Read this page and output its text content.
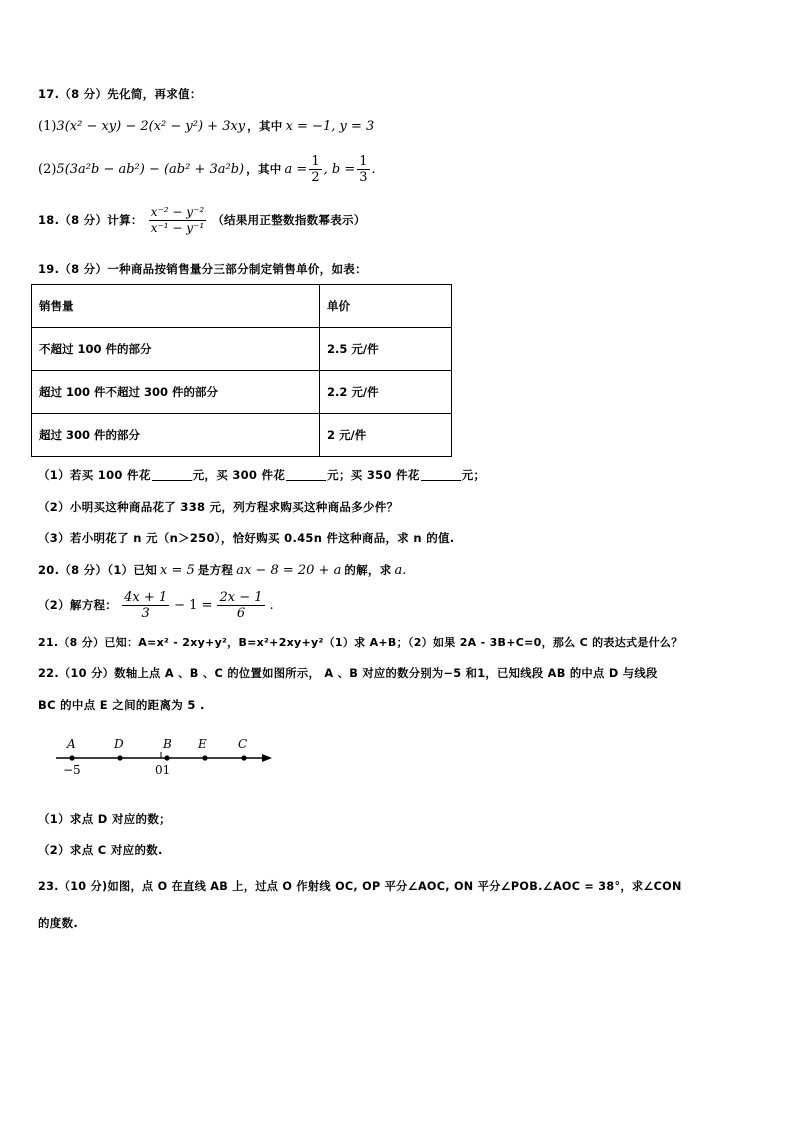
17.（8 分）先化简，再求值：
(1) 3(x² − xy) − 2(x² − y²) + 3xy ，其中 x = −1, y = 3
(2) 5(3a²b − ab²) − (ab² + 3a²b) ，其中 $a = \frac{1}{2}$ , $b = \frac{1}{3}$ .
18.（8 分）计算： $\frac{\text{x⁻² − y⁻²}}{\text{x⁻¹ − y⁻¹}}$ （结果用正整数指数幂表示）
19.（8 分）一种商品按销售量分三部分制定销售单价，如表：
销售量	单价
不超过 100 件的部分	2.5 元/件
超过 100 件不超过 300 件的部分	2.2 元/件
超过 300 件的部分	2 元/件
（1）若买 100 件花	元，买 300 件花	元；买 350 件花	元；
（2）小明买这种商品花了 338 元，列方程求购买这种商品多少件？
（3）若小明花了 n 元（n＞250），恰好购买 0.45n 件这种商品，求 n 的值.
20.（8 分）（1）已知 x = 5 是方程 ax − 8 = 20 + a 的解，求 a .
（2）解方程： $\frac{4x + 1}{3} - 1 = \frac{2x - 1}{6}$ .
21.（8 分）已知：A=x² - 2xy+y²，B=x²+2xy+y²（1）求 A+B；（2）如果 2A - 3B+C=0，那么 C 的表达式是什么？
22.（10 分）数轴上点 A 、B 、C 的位置如图所示， A 、B 对应的数分别为−5 和1，已知线段 AB 的中点 D 与线段
BC 的中点 E 之间的距离为 5 .
A	D	B E	C
−5	01
（1）求点 D 对应的数；
（2）求点 C 对应的数.
23.（10 分)如图，点 O 在直线 AB 上，过点 O 作射线 OC, OP 平分∠AOC, ON 平分∠POB.∠AOC = 38°，求∠CON
的度数.
